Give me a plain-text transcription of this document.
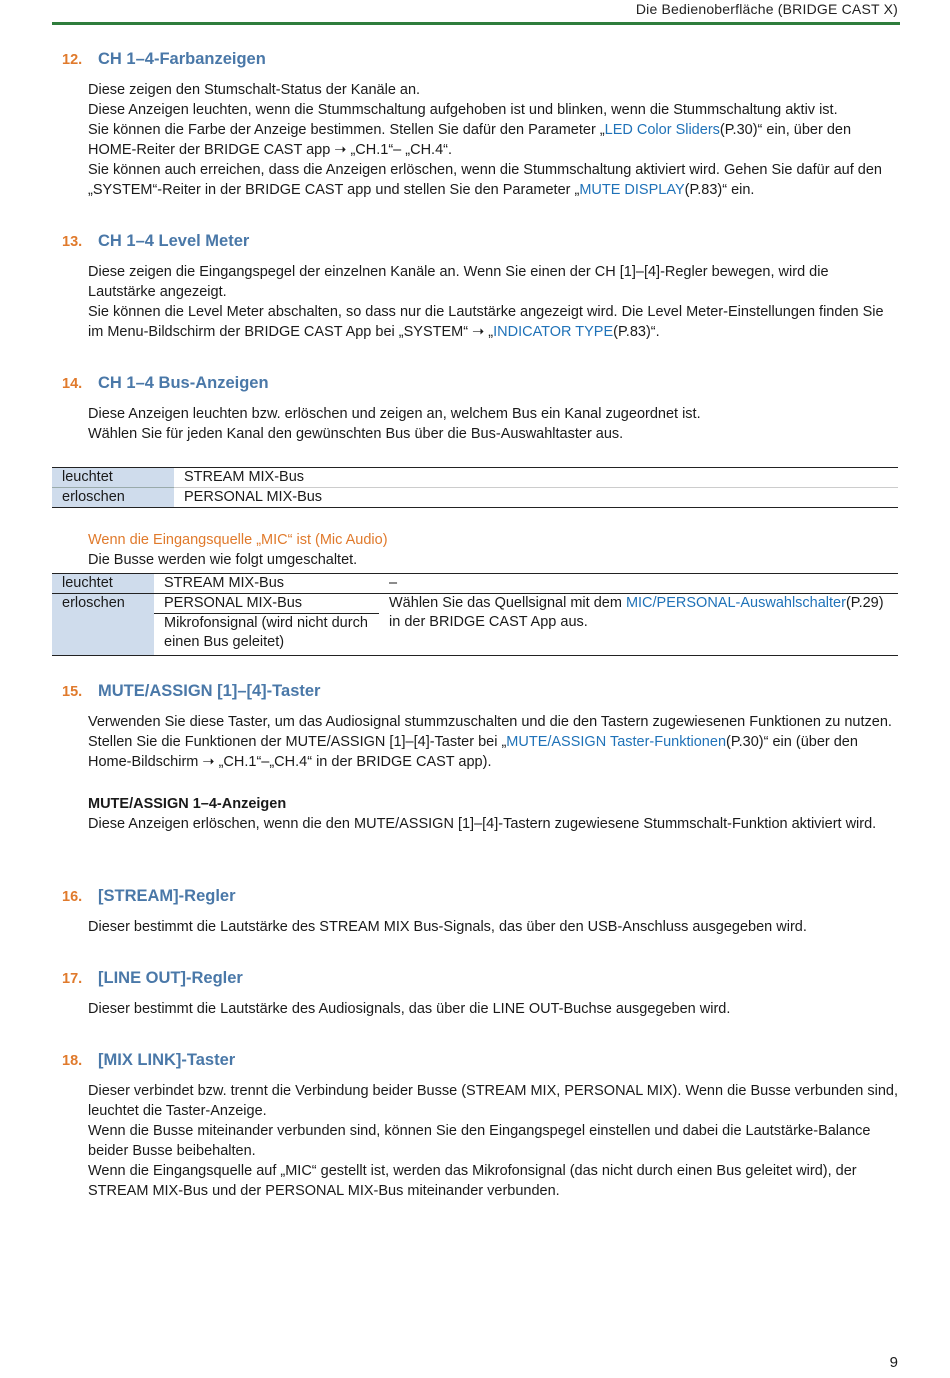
Die Bedienoberfläche (BRIDGE CAST X)
12. CH 1–4-Farbanzeigen

Diese zeigen den Stumschalt-Status der Kanäle an.

Diese Anzeigen leuchten, wenn die Stummschaltung aufgehoben ist und blinken, wenn die Stummschaltung aktiv ist.

Sie können die Farbe der Anzeige bestimmen. Stellen Sie dafür den Parameter „LED Color Sliders(P.30)“ ein, über den HOME-Reiter der BRIDGE CAST app ➝ „CH.1“– „CH.4“.

Sie können auch erreichen, dass die Anzeigen erlöschen, wenn die Stummschaltung aktiviert wird. Gehen Sie dafür auf den „SYSTEM“-Reiter in der BRIDGE CAST app und stellen Sie den Parameter „MUTE DISPLAY(P.83)“ ein.

13. CH 1–4 Level Meter

Diese zeigen die Eingangspegel der einzelnen Kanäle an. Wenn Sie einen der CH [1]–[4]-Regler bewegen, wird die Lautstärke angezeigt.

Sie können die Level Meter abschalten, so dass nur die Lautstärke angezeigt wird. Die Level Meter-Einstellungen finden Sie im Menu-Bildschirm der BRIDGE CAST App bei „SYSTEM“ ➝ „INDICATOR TYPE(P.83)“.

14. CH 1–4 Bus-Anzeigen

Diese Anzeigen leuchten bzw. erlöschen und zeigen an, welchem Bus ein Kanal zugeordnet ist.

Wählen Sie für jeden Kanal den gewünschten Bus über die Bus-Auswahltaster aus.

leuchtet	STREAM MIX-Bus
erloschen	PERSONAL MIX-Bus
Wenn die Eingangsquelle „MIC“ ist (Mic Audio)
Die Busse werden wie folgt umgeschaltet.
leuchtet	STREAM MIX-Bus	–
erloschen	PERSONAL MIX-Bus	Wählen Sie das Quellsignal mit dem MIC/PERSONAL-Auswahlschalter(P.29) in der BRIDGE CAST App aus.
	Mikrofonsignal (wird nicht durch einen Bus geleitet)	
15. MUTE/ASSIGN [1]–[4]-Taster

Verwenden Sie diese Taster, um das Audiosignal stummzuschalten und die den Tastern zugewiesenen Funktionen zu nutzen.

Stellen Sie die Funktionen der MUTE/ASSIGN [1]–[4]-Taster bei „MUTE/ASSIGN Taster-Funktionen(P.30)“ ein (über den Home-Bildschirm ➝ „CH.1“–„CH.4“ in der BRIDGE CAST app).

MUTE/ASSIGN 1–4-Anzeigen

Diese Anzeigen erlöschen, wenn die den MUTE/ASSIGN [1]–[4]-Tastern zugewiesene Stummschalt-Funktion aktiviert wird.

16. [STREAM]-Regler

Dieser bestimmt die Lautstärke des STREAM MIX Bus-Signals, das über den USB-Anschluss ausgegeben wird.

17. [LINE OUT]-Regler

Dieser bestimmt die Lautstärke des Audiosignals, das über die LINE OUT-Buchse ausgegeben wird.

18. [MIX LINK]-Taster

Dieser verbindet bzw. trennt die Verbindung beider Busse (STREAM MIX, PERSONAL MIX). Wenn die Busse verbunden sind, leuchtet die Taster-Anzeige.

Wenn die Busse miteinander verbunden sind, können Sie den Eingangspegel einstellen und dabei die Lautstärke-Balance beider Busse beibehalten.

Wenn die Eingangsquelle auf „MIC“ gestellt ist, werden das Mikrofonsignal (das nicht durch einen Bus geleitet wird), der STREAM MIX-Bus und der PERSONAL MIX-Bus miteinander verbunden.

9
